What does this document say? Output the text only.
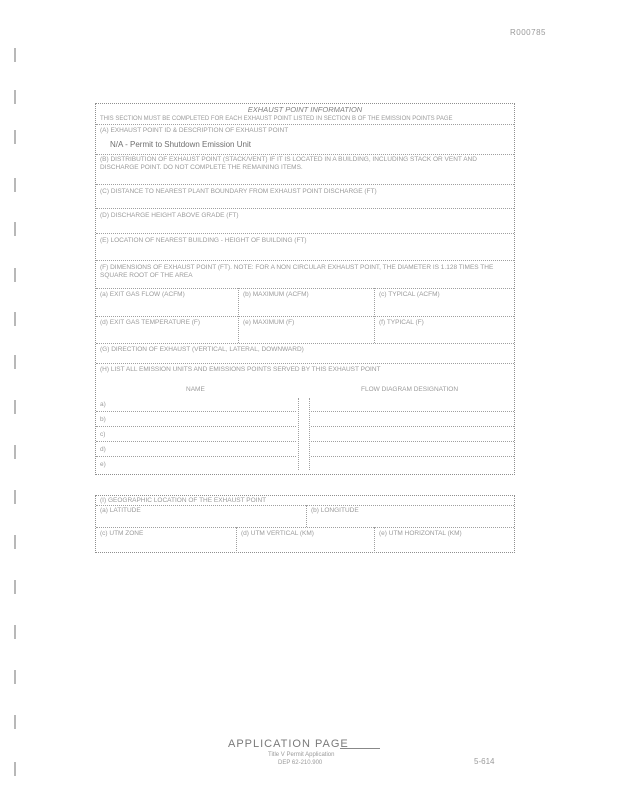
R000785
EXHAUST POINT INFORMATION
THIS SECTION MUST BE COMPLETED FOR EACH EXHAUST POINT LISTED IN SECTION B OF THE EMISSION POINTS PAGE
(A) EXHAUST POINT ID & DESCRIPTION OF EXHAUST POINT
N/A - Permit to Shutdown Emission Unit
(B) DISTRIBUTION OF EXHAUST POINT (STACK/VENT) IF IT IS LOCATED IN A BUILDING, INCLUDING STACK OR VENT AND DISCHARGE POINT. DO NOT COMPLETE THE REMAINING ITEMS.
(C) DISTANCE TO NEAREST PLANT BOUNDARY FROM EXHAUST POINT DISCHARGE (FT)
(D) DISCHARGE HEIGHT ABOVE GRADE (FT)
(E) LOCATION OF NEAREST BUILDING - HEIGHT OF BUILDING (FT)
(F) DIMENSIONS OF EXHAUST POINT (FT). NOTE: FOR A NON CIRCULAR EXHAUST POINT, THE DIAMETER IS 1.128 TIMES THE SQUARE ROOT OF THE AREA
(a) EXIT GAS FLOW (ACFM)	(b) MAXIMUM (ACFM)	(c) TYPICAL (ACFM)
(d) EXIT GAS TEMPERATURE (F)	(e) MAXIMUM (F)	(f) TYPICAL (F)
(G) DIRECTION OF EXHAUST (VERTICAL, LATERAL, DOWNWARD)
(H) LIST ALL EMISSION UNITS AND EMISSIONS POINTS SERVED BY THIS EXHAUST POINT
NAME	FLOW DIAGRAM DESIGNATION
a)
b)
c)
d)
e)
(I) GEOGRAPHIC LOCATION OF THE EXHAUST POINT
(a) LATITUDE	(b) LONGITUDE
(c) UTM ZONE	(d) UTM VERTICAL (KM)	(e) UTM HORIZONTAL (KM)
APPLICATION PAGE
Title V Permit Application
DEP 62-210.900	5-614
